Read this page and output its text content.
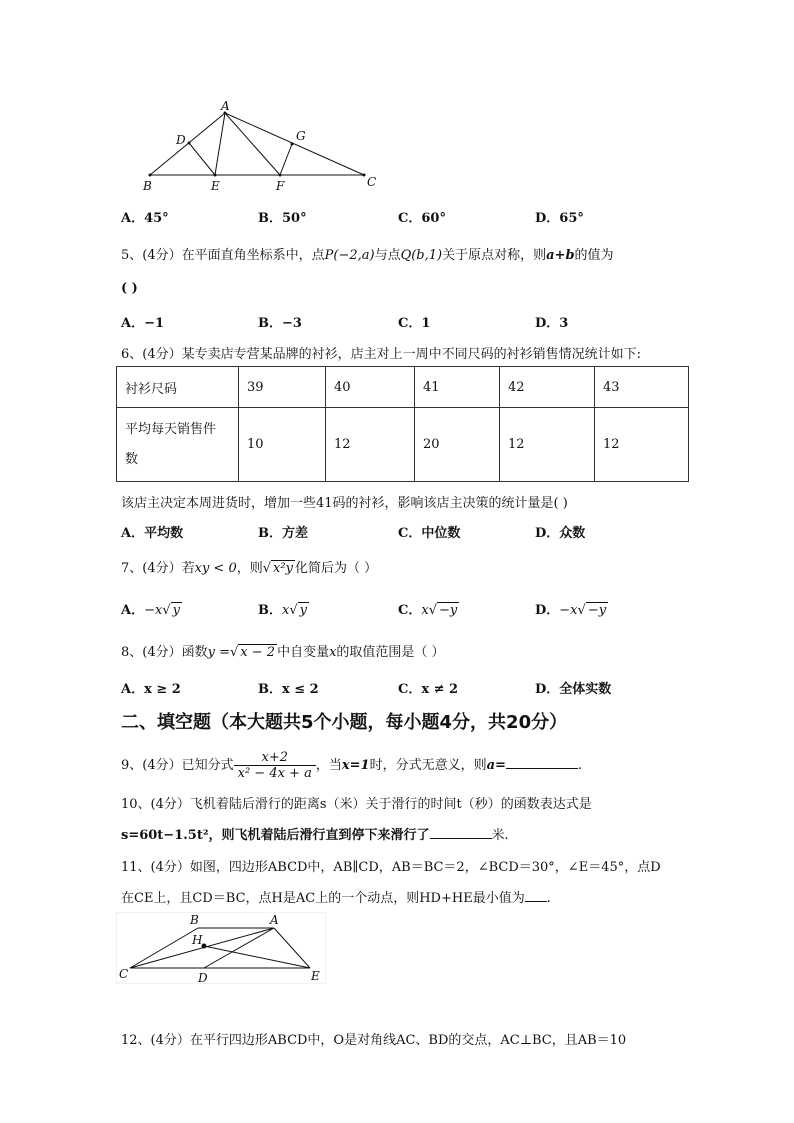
A
B	C
D
E	F
G
A．45°	B．50°	C．60°	D．65°
5、(4分）在平面直角坐标系中，点P(−2,a)与点Q(b,1)关于原点对称，则a+b的值为
( )
A．−1	B．−3	C．1	D．3
6、(4分）某专卖店专营某品牌的衬衫，店主对上一周中不同尺码的衬衫销售情况统计如下:
衬衫尺码	39	40	41	42	43
平均每天销售件
数	10	12	20	12	12
该店主决定本周进货时，增加一些41码的衬衫，影响该店主决策的统计量是( )
A．平均数	B．方差	C．中位数	D．众数
7、(4分）若xy < 0，则√ x²y 化简后为（ ）
A．−x√ y	B．x√ y	C．x√ −y	D．−x√ −y
8、(4分）函数y =√ x − 2 中自变量x的取值范围是（ ）
A．x ≥ 2	B．x ≤ 2	C．x ≠ 2	D．全体实数
二、填空题（本大题共5个小题，每小题4分，共20分）
9、(4分）已知分式 $\frac{x+2}{\text{x² − 4x + a}}$ ，当x=1时，分式无意义，则a=	.
10、(4分）飞机着陆后滑行的距离s（米）关于滑行的时间t（秒）的函数表达式是
s=60t−1.5t²，则飞机着陆后滑行直到停下来滑行了	米.
11、(4分）如图，四边形ABCD中，AB∥CD，AB＝BC＝2，∠BCD＝30°，∠E＝45°，点D
在CE上，且CD＝BC，点H是AC上的一个动点，则HD+HE最小值为 .
B	A
H
C	D	E
12、(4分）在平行四边形ABCD中，O是对角线AC、BD的交点，AC⊥BC，且AB＝10
